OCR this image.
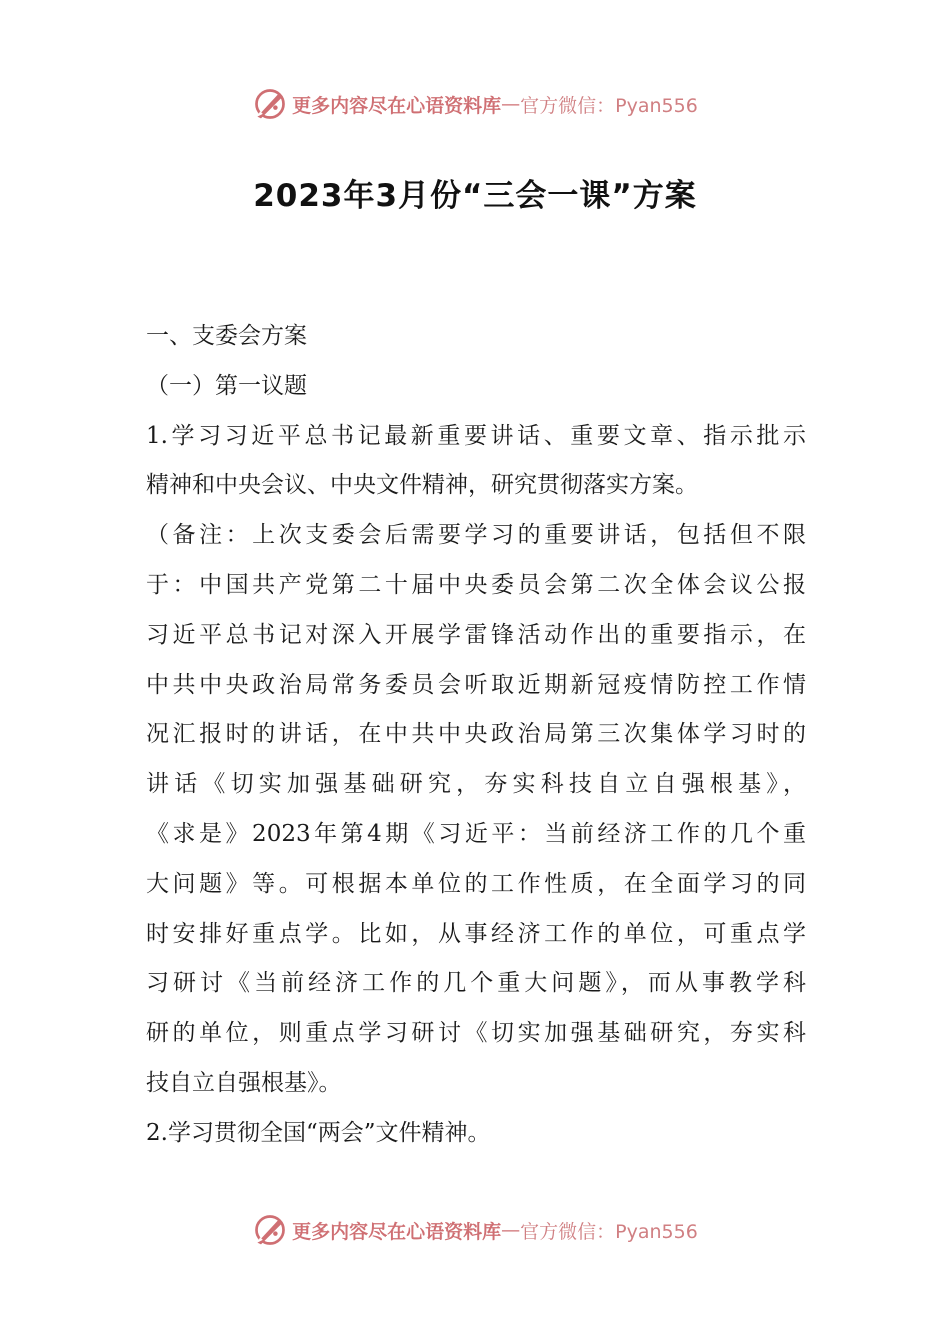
更多内容尽在心语资料库 — 官方微信：Pyan556
2023年3月份“三会一课”方案
一、支委会方案
（一）第一议题
1.学习习近平总书记最新重要讲话、重要文章、指示批示
精神和中央会议、中央文件精神，研究贯彻落实方案。
（备注：上次支委会后需要学习的重要讲话，包括但不限
于：中国共产党第二十届中央委员会第二次全体会议公报
习近平总书记对深入开展学雷锋活动作出的重要指示，在
中共中央政治局常务委员会听取近期新冠疫情防控工作情
况汇报时的讲话，在中共中央政治局第三次集体学习时的
讲话《切实加强基础研究，夯实科技自立自强根基》，
《求是》2023年第4期《习近平：当前经济工作的几个重
大问题》等。可根据本单位的工作性质，在全面学习的同
时安排好重点学。比如，从事经济工作的单位，可重点学
习研讨《当前经济工作的几个重大问题》，而从事教学科
研的单位，则重点学习研讨《切实加强基础研究，夯实科
技自立自强根基》。
2.学习贯彻全国“两会”文件精神。
更多内容尽在心语资料库 — 官方微信：Pyan556
